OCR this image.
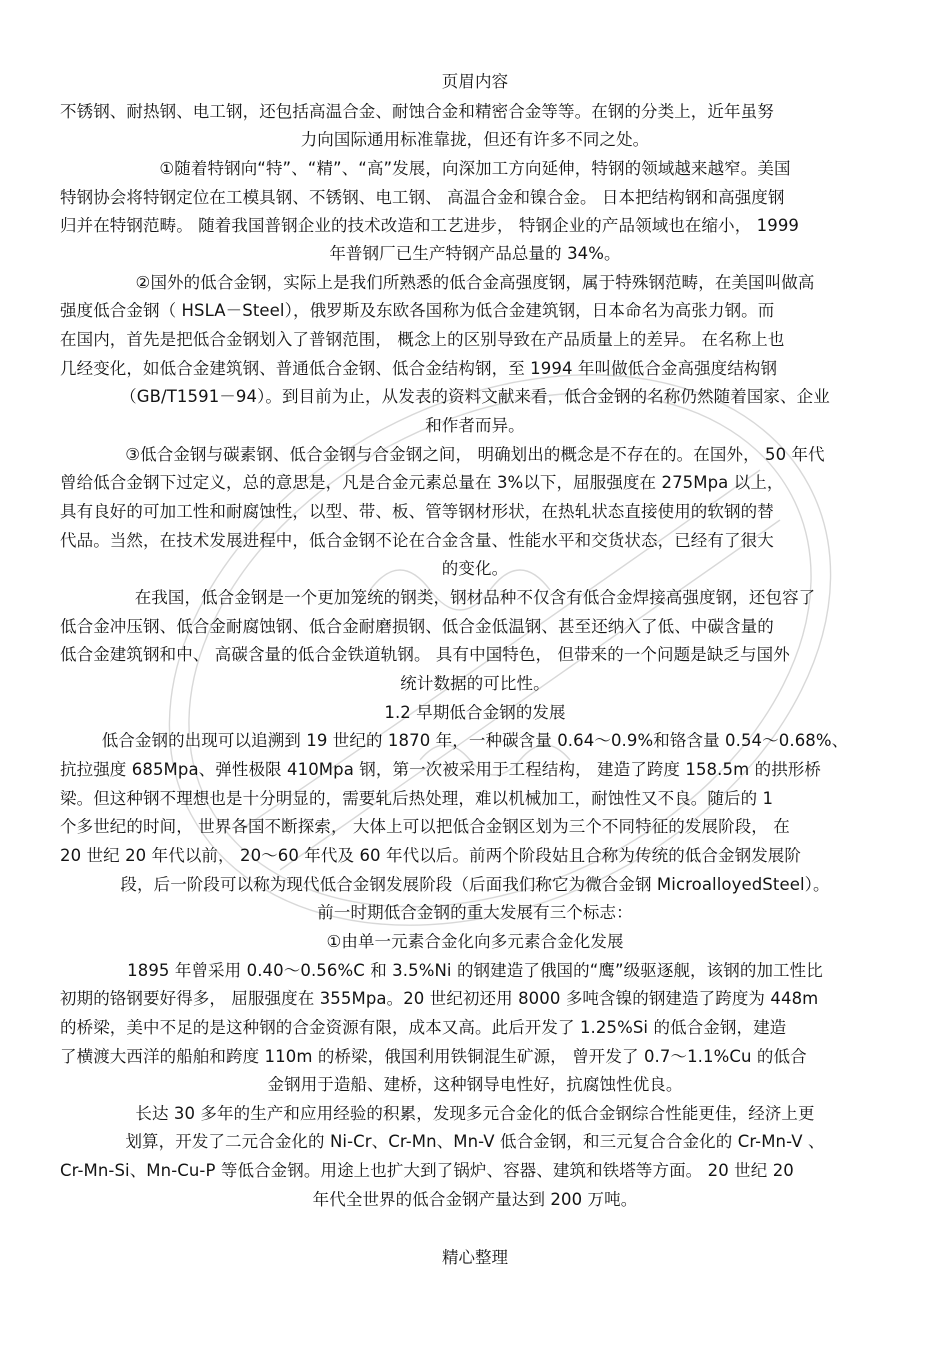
页眉内容
不锈钢、耐热钢、电工钢，还包括高温合金、耐蚀合金和精密合金等等。在钢的分类上，近年虽努
力向国际通用标准靠拢，但还有许多不同之处。
①随着特钢向“特”、“精”、“高”发展，向深加工方向延伸，特钢的领域越来越窄。美国
特钢协会将特钢定位在工模具钢、不锈钢、电工钢、 高温合金和镍合金。 日本把结构钢和高强度钢
归并在特钢范畴。 随着我国普钢企业的技术改造和工艺进步， 特钢企业的产品领域也在缩小， 1999
年普钢厂已生产特钢产品总量的 34%。
②国外的低合金钢，实际上是我们所熟悉的低合金高强度钢，属于特殊钢范畴，在美国叫做高
强度低合金钢（ HSLA－Steel），俄罗斯及东欧各国称为低合金建筑钢，日本命名为高张力钢。而
在国内，首先是把低合金钢划入了普钢范围， 概念上的区别导致在产品质量上的差异。 在名称上也
几经变化，如低合金建筑钢、普通低合金钢、低合金结构钢，至 1994 年叫做低合金高强度结构钢
（GB/T1591－94）。到目前为止，从发表的资料文献来看，低合金钢的名称仍然随着国家、企业
和作者而异。
③低合金钢与碳素钢、低合金钢与合金钢之间， 明确划出的概念是不存在的。在国外， 50 年代
曾给低合金钢下过定义，总的意思是，凡是合金元素总量在 3%以下，屈服强度在 275Mpa 以上，
具有良好的可加工性和耐腐蚀性，以型、带、板、管等钢材形状，在热轧状态直接使用的软钢的替
代品。当然，在技术发展进程中，低合金钢不论在合金含量、性能水平和交货状态，已经有了很大
的变化。
在我国，低合金钢是一个更加笼统的钢类，钢材品种不仅含有低合金焊接高强度钢，还包容了
低合金冲压钢、低合金耐腐蚀钢、低合金耐磨损钢、低合金低温钢、甚至还纳入了低、中碳含量的
低合金建筑钢和中、 高碳含量的低合金铁道轨钢。 具有中国特色， 但带来的一个问题是缺乏与国外
统计数据的可比性。
1.2 早期低合金钢的发展
低合金钢的出现可以追溯到 19 世纪的 1870 年，一种碳含量 0.64～0.9%和铬含量 0.54～0.68%、
抗拉强度 685Mpa、弹性极限 410Mpa 钢，第一次被采用于工程结构， 建造了跨度 158.5m 的拱形桥
梁。但这种钢不理想也是十分明显的，需要轧后热处理，难以机械加工，耐蚀性又不良。随后的 1
个多世纪的时间， 世界各国不断探索， 大体上可以把低合金钢区划为三个不同特征的发展阶段， 在
20 世纪 20 年代以前， 20～60 年代及 60 年代以后。前两个阶段姑且合称为传统的低合金钢发展阶
段，后一阶段可以称为现代低合金钢发展阶段（后面我们称它为微合金钢 MicroalloyedSteel）。
前一时期低合金钢的重大发展有三个标志：
①由单一元素合金化向多元素合金化发展
1895 年曾采用 0.40～0.56%C 和 3.5%Ni 的钢建造了俄国的“鹰”级驱逐舰，该钢的加工性比
初期的铬钢要好得多， 屈服强度在 355Mpa。20 世纪初还用 8000 多吨含镍的钢建造了跨度为 448m
的桥梁，美中不足的是这种钢的合金资源有限，成本又高。此后开发了 1.25%Si 的低合金钢，建造
了横渡大西洋的船舶和跨度 110m 的桥梁，俄国利用铁铜混生矿源， 曾开发了 0.7～1.1%Cu 的低合
金钢用于造船、建桥，这种钢导电性好，抗腐蚀性优良。
长达 30 多年的生产和应用经验的积累，发现多元合金化的低合金钢综合性能更佳，经济上更
划算，开发了二元合金化的 Ni-Cr、Cr-Mn、Mn-V 低合金钢，和三元复合合金化的 Cr-Mn-V 、
Cr-Mn-Si、Mn-Cu-P 等低合金钢。用途上也扩大到了锅炉、容器、建筑和铁塔等方面。 20 世纪 20
年代全世界的低合金钢产量达到 200 万吨。
精心整理
